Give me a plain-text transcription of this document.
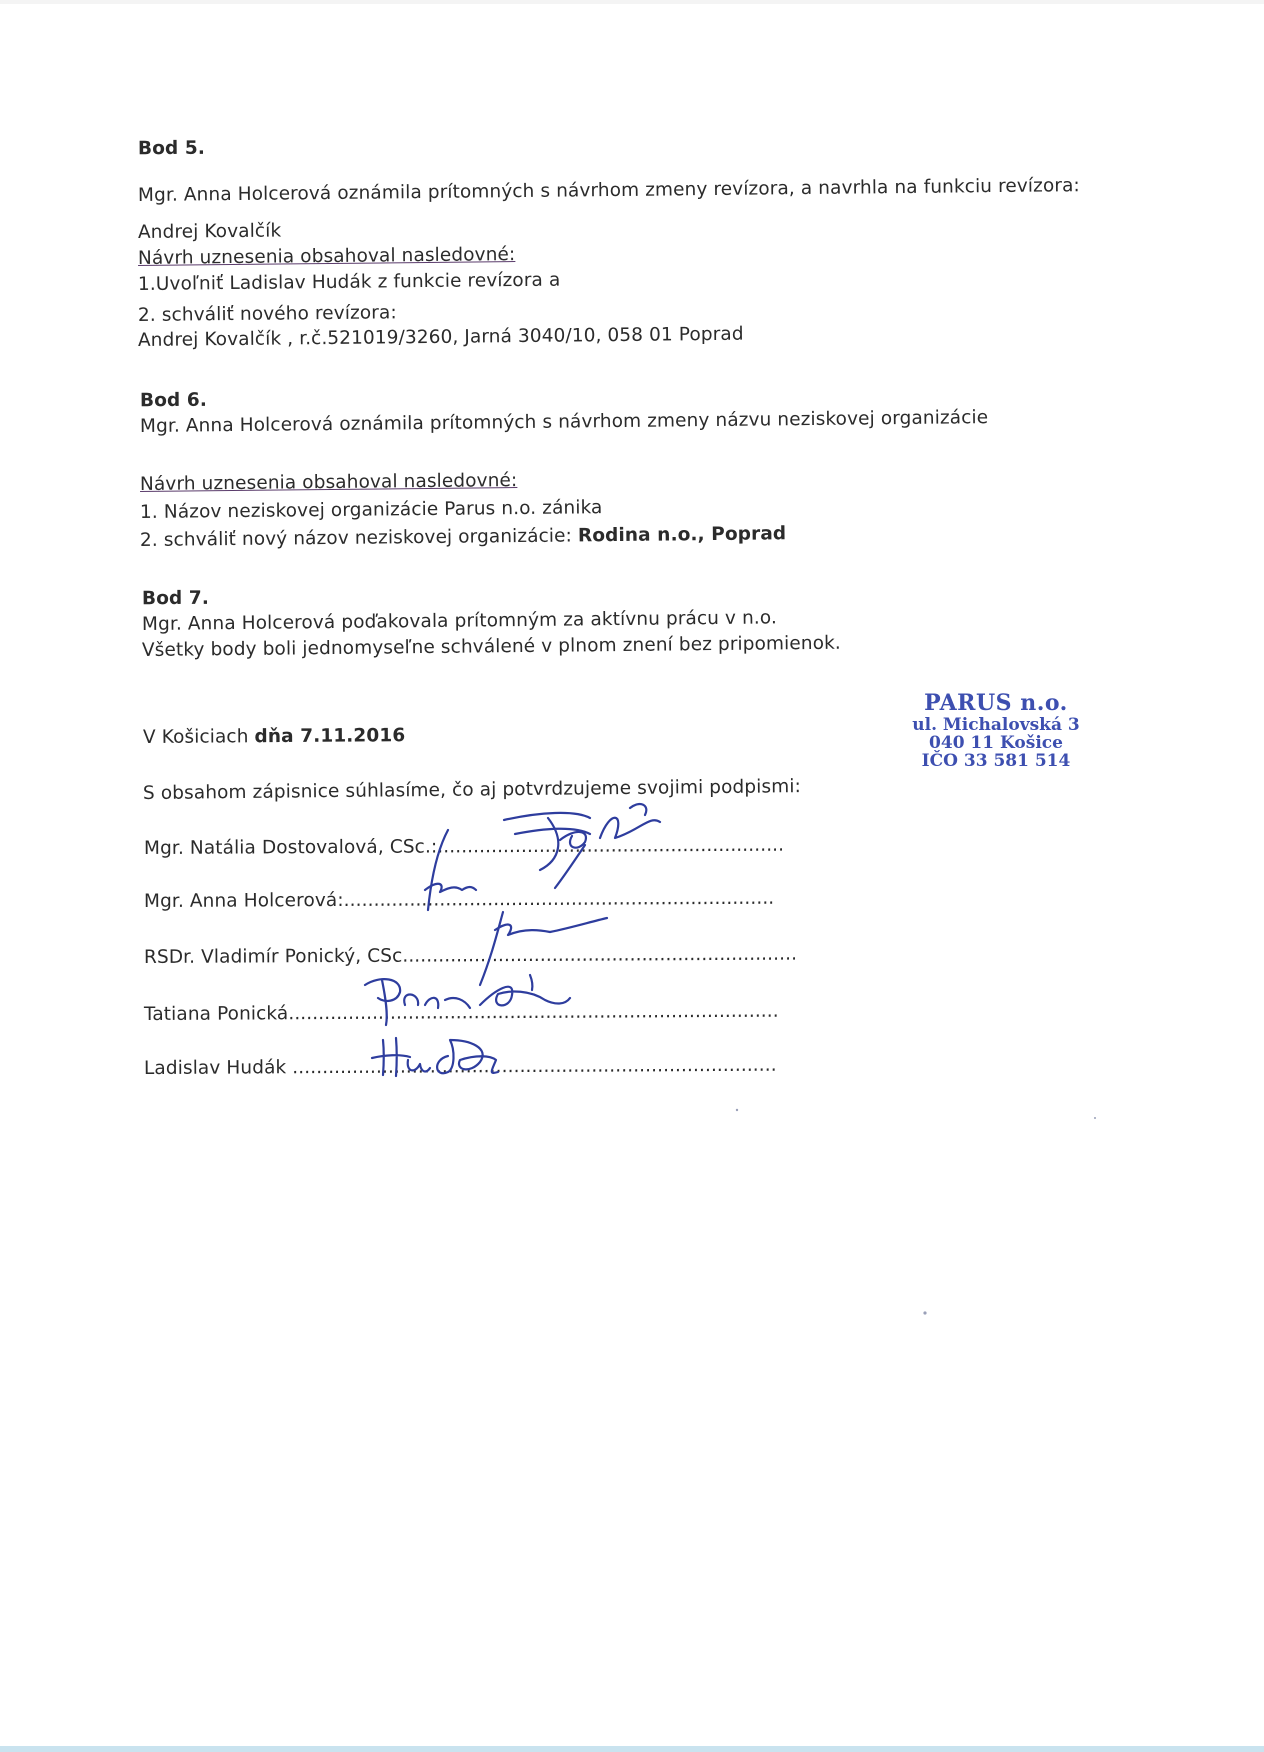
Bod 5.
Mgr. Anna Holcerová oznámila prítomných s návrhom zmeny revízora, a navrhla na funkciu revízora:
Andrej Kovalčík
Návrh uznesenia obsahoval nasledovné:
1.Uvoľniť Ladislav Hudák z funkcie revízora a
2. schváliť nového revízora:
Andrej Kovalčík , r.č.521019/3260, Jarná 3040/10, 058 01 Poprad
Bod 6.
Mgr. Anna Holcerová oznámila prítomných s návrhom zmeny názvu neziskovej organizácie
Návrh uznesenia obsahoval nasledovné:
1. Názov neziskovej organizácie Parus n.o. zánika
2. schváliť nový názov neziskovej organizácie: Rodina n.o., Poprad
Bod 7.
Mgr. Anna Holcerová poďakovala prítomným za aktívnu prácu v n.o.
Všetky body boli jednomyseľne schválené v plnom znení bez pripomienok.
V Košiciach dňa 7.11.2016
S obsahom zápisnice súhlasíme, čo aj potvrdzujeme svojimi podpismi:
Mgr. Natália Dostovalová, CSc.:..........................................................
Mgr. Anna Holcerová:........................................................................
RSDr. Vladimír Ponický, CSc..................................................................
Tatiana Ponická..................................................................................
Ladislav Hudák .................................................................................
PARUS n.o.
ul. Michalovská 3
040 11 Košice
IČO 33 581 514
